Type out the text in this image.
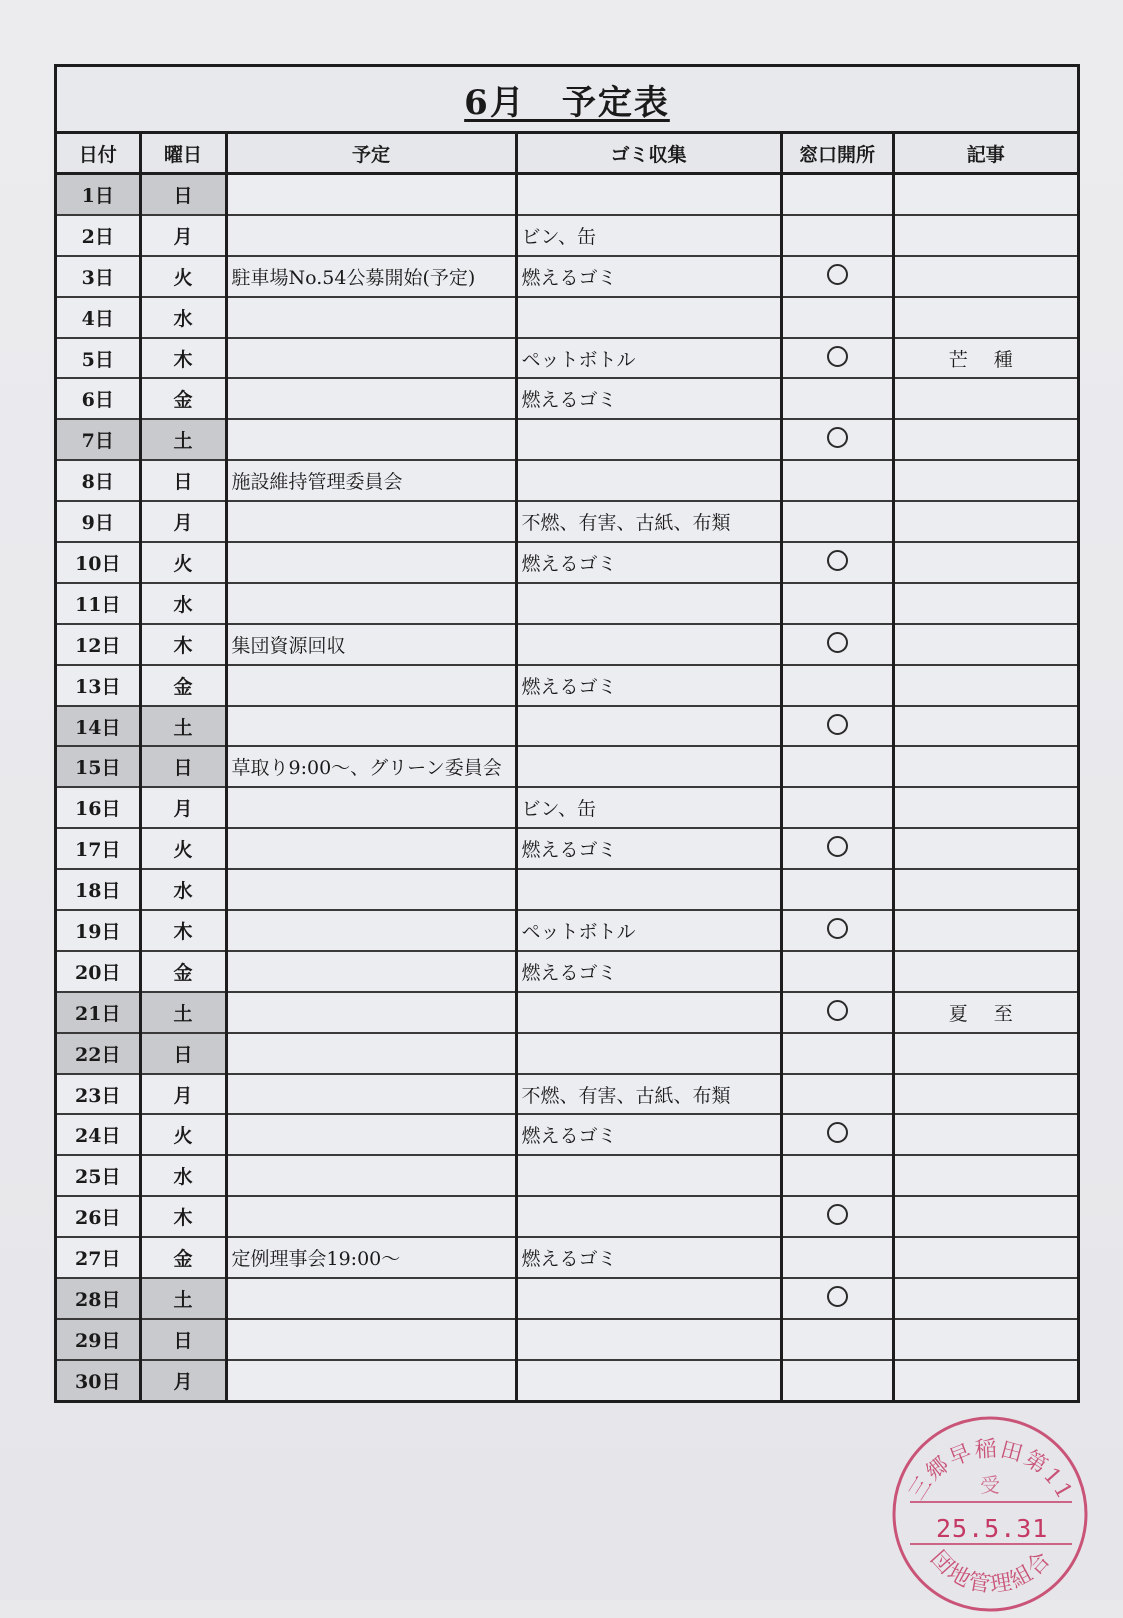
6月　予定表
日付	曜日	予定	ゴミ収集	窓口開所	記事
1日	日				
2日	月		ビン、缶		
3日	火	駐車場No.54公募開始(予定)	燃えるゴミ		
4日	水				
5日	木		ペットボトル		芒 種
6日	金		燃えるゴミ		
7日	土				
8日	日	施設維持管理委員会			
9日	月		不燃、有害、古紙、布類		
10日	火		燃えるゴミ		
11日	水				
12日	木	集団資源回収			
13日	金		燃えるゴミ		
14日	土				
15日	日	草取り9:00～、グリーン委員会			
16日	月		ビン、缶		
17日	火		燃えるゴミ		
18日	水				
19日	木		ペットボトル		
20日	金		燃えるゴミ		
21日	土				夏 至
22日	日				
23日	月		不燃、有害、古紙、布類		
24日	火		燃えるゴミ		
25日	水				
26日	木				
27日	金	定例理事会19:00～	燃えるゴミ		
28日	土				
29日	日				
30日	月				
三郷早稲田第11
受
団地管理組合
25.5.31
